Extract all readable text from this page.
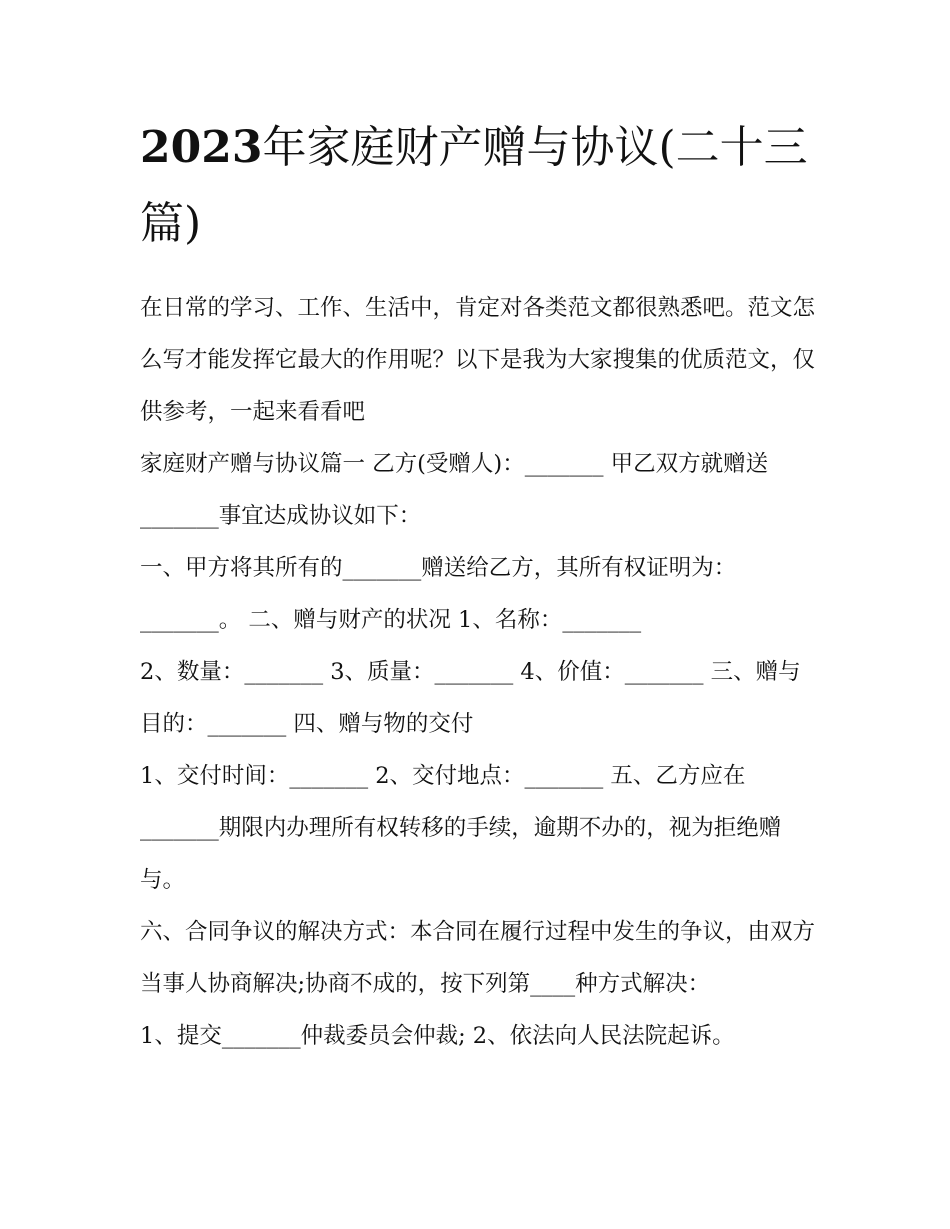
2023年家庭财产赠与协议(二十三篇)

在日常的学习、工作、生活中，肯定对各类范文都很熟悉吧。范文怎么写才能发挥它最大的作用呢？以下是我为大家搜集的优质范文，仅供参考，一起来看看吧

家庭财产赠与协议篇一 乙方(受赠人)：_______ 甲乙双方就赠送_______事宜达成协议如下：

一、甲方将其所有的_______赠送给乙方，其所有权证明为：_______。 二、赠与财产的状况 1、名称：_______

2、数量：_______ 3、质量：_______ 4、价值：_______ 三、赠与目的：_______ 四、赠与物的交付

1、交付时间：_______ 2、交付地点：_______ 五、乙方应在_______期限内办理所有权转移的手续，逾期不办的，视为拒绝赠与。

六、合同争议的解决方式：本合同在履行过程中发生的争议，由双方当事人协商解决;协商不成的，按下列第____种方式解决：

1、提交_______仲裁委员会仲裁; 2、依法向人民法院起诉。
